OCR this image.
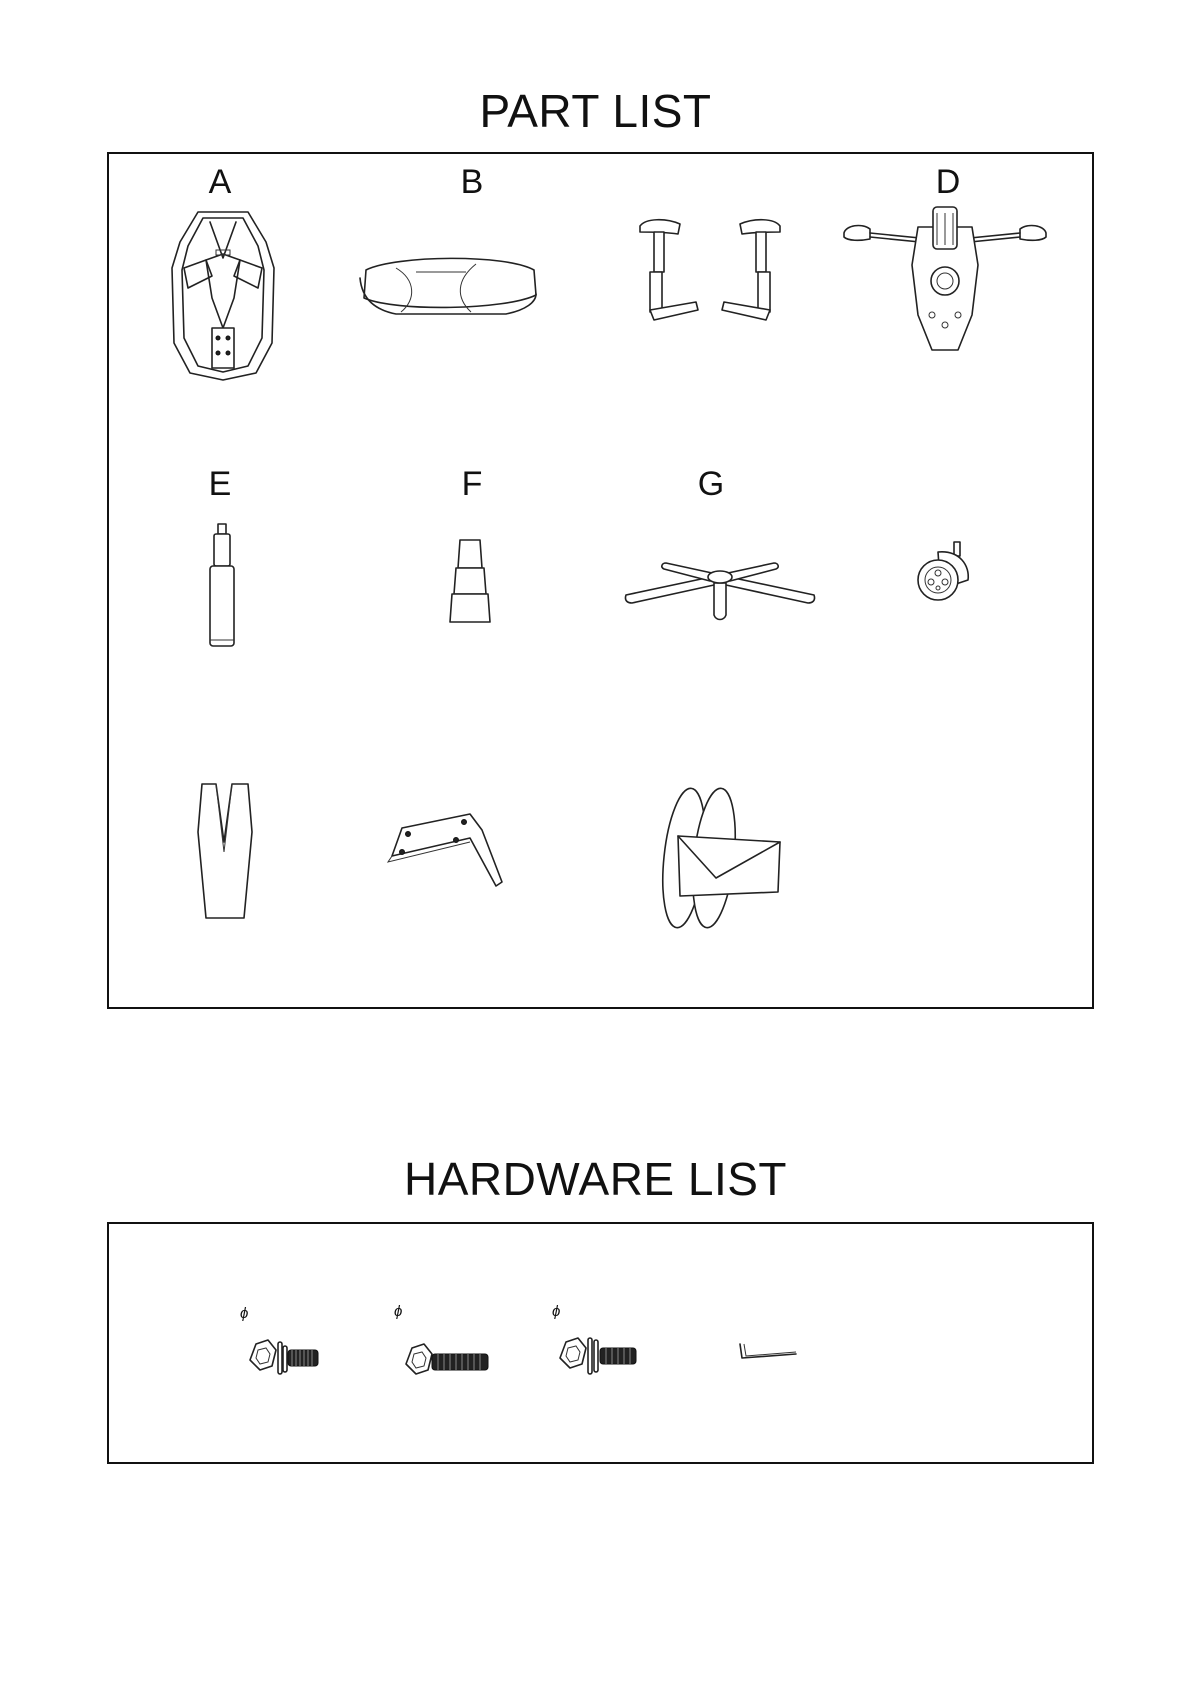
PART LIST
A	B	D
E	F	G
HARDWARE LIST
ϕ	ϕ	ϕ
